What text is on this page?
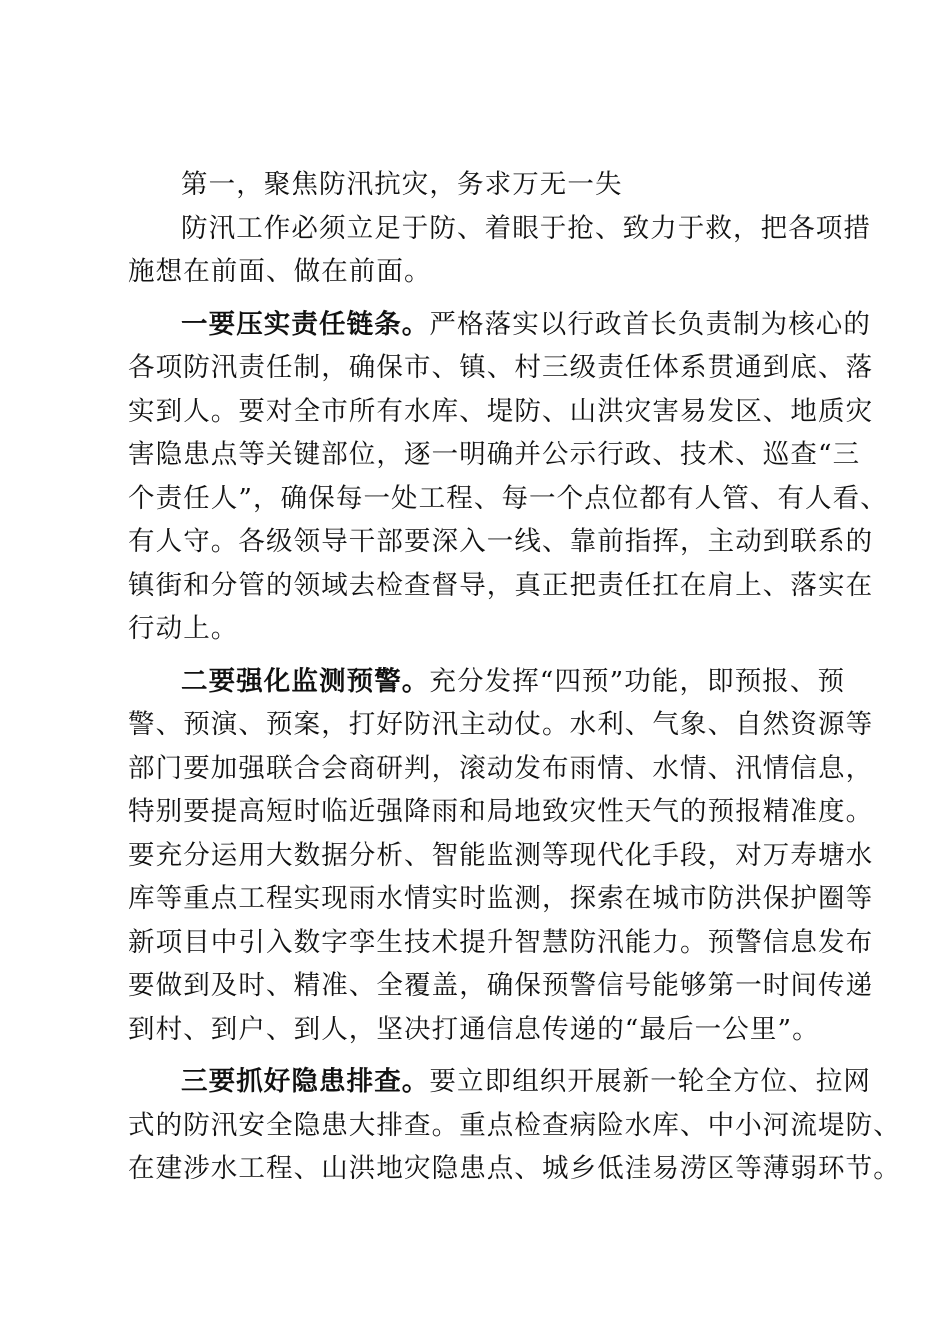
第一，聚焦防汛抗灾，务求万无一失
防汛工作必须立足于防、着眼于抢、致力于救，把各项措
施想在前面、做在前面。
一要压实责任链条。严格落实以行政首长负责制为核心的
各项防汛责任制，确保市、镇、村三级责任体系贯通到底、落
实到人。要对全市所有水库、堤防、山洪灾害易发区、地质灾
害隐患点等关键部位，逐一明确并公示行政、技术、巡查“三
个责任人”，确保每一处工程、每一个点位都有人管、有人看、
有人守。各级领导干部要深入一线、靠前指挥，主动到联系的
镇街和分管的领域去检查督导，真正把责任扛在肩上、落实在
行动上。
二要强化监测预警。充分发挥“四预”功能，即预报、预
警、预演、预案，打好防汛主动仗。水利、气象、自然资源等
部门要加强联合会商研判，滚动发布雨情、水情、汛情信息，
特别要提高短时临近强降雨和局地致灾性天气的预报精准度。
要充分运用大数据分析、智能监测等现代化手段，对万寿塘水
库等重点工程实现雨水情实时监测，探索在城市防洪保护圈等
新项目中引入数字孪生技术提升智慧防汛能力。预警信息发布
要做到及时、精准、全覆盖，确保预警信号能够第一时间传递
到村、到户、到人，坚决打通信息传递的“最后一公里”。
三要抓好隐患排查。要立即组织开展新一轮全方位、拉网
式的防汛安全隐患大排查。重点检查病险水库、中小河流堤防、
在建涉水工程、山洪地灾隐患点、城乡低洼易涝区等薄弱环节。
